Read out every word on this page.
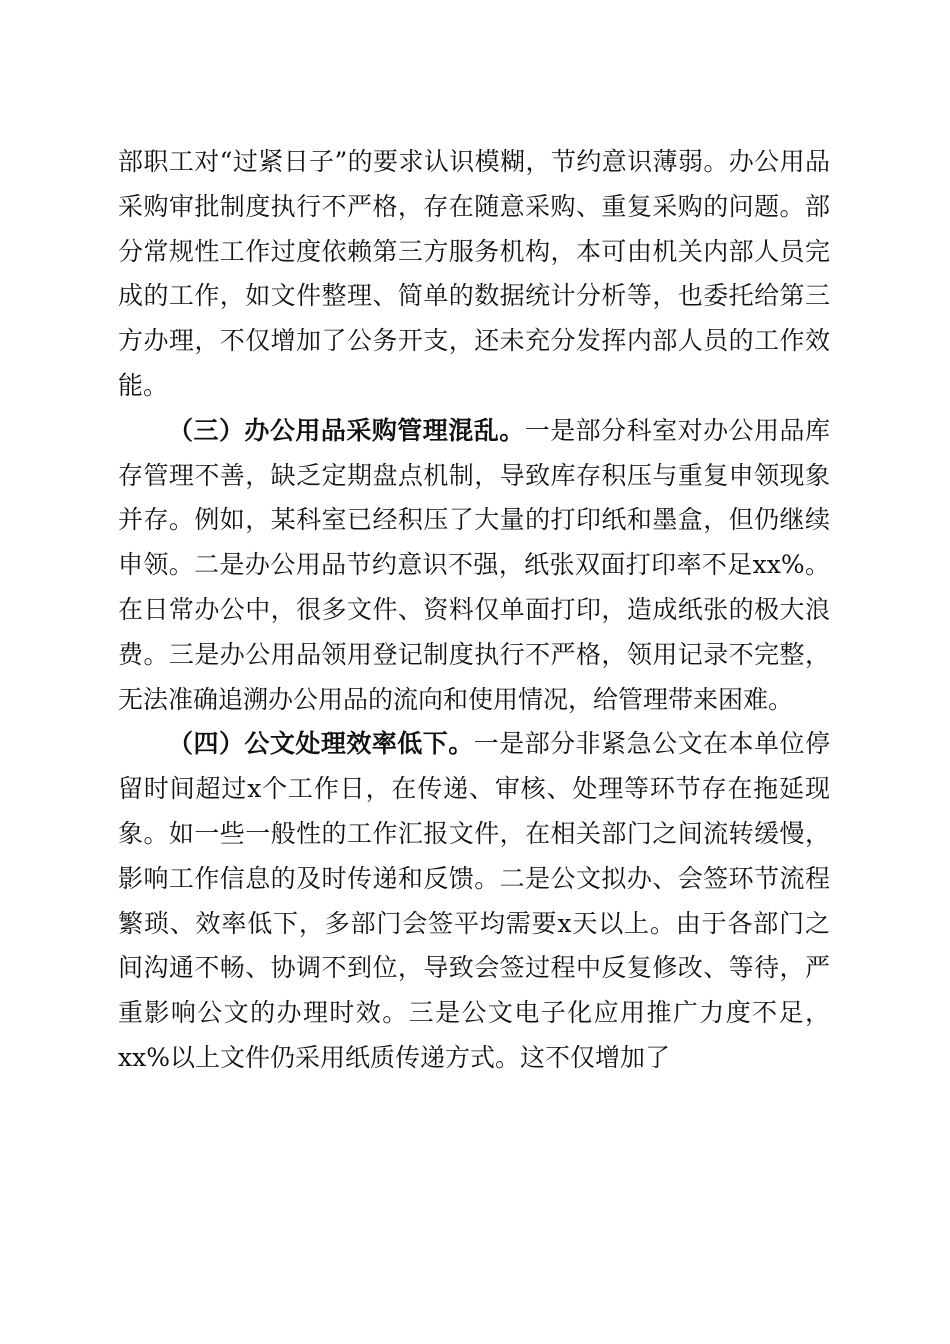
部职工对“过紧日子”的要求认识模糊，节约意识薄弱。办公用品采购审批制度执行不严格，存在随意采购、重复采购的问题。部分常规性工作过度依赖第三方服务机构，本可由机关内部人员完成的工作，如文件整理、简单的数据统计分析等，也委托给第三方办理，不仅增加了公务开支，还未充分发挥内部人员的工作效能。

（三）办公用品采购管理混乱。一是部分科室对办公用品库存管理不善，缺乏定期盘点机制，导致库存积压与重复申领现象并存。例如，某科室已经积压了大量的打印纸和墨盒，但仍继续申领。二是办公用品节约意识不强，纸张双面打印率不足xx%。在日常办公中，很多文件、资料仅单面打印，造成纸张的极大浪费。三是办公用品领用登记制度执行不严格，领用记录不完整，无法准确追溯办公用品的流向和使用情况，给管理带来困难。

（四）公文处理效率低下。一是部分非紧急公文在本单位停留时间超过x个工作日，在传递、审核、处理等环节存在拖延现象。如一些一般性的工作汇报文件，在相关部门之间流转缓慢，影响工作信息的及时传递和反馈。二是公文拟办、会签环节流程繁琐、效率低下，多部门会签平均需要x天以上。由于各部门之间沟通不畅、协调不到位，导致会签过程中反复修改、等待，严重影响公文的办理时效。三是公文电子化应用推广力度不足，xx%以上文件仍采用纸质传递方式。这不仅增加了
